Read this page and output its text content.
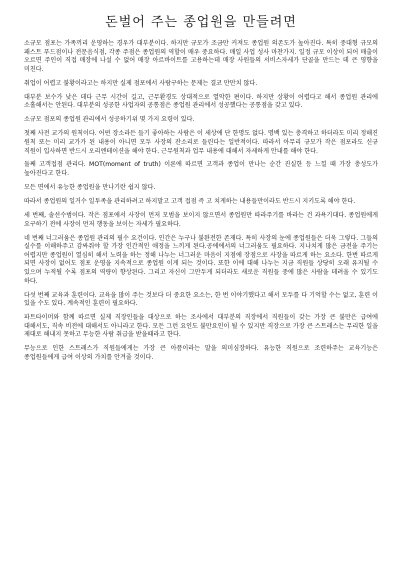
돈벌어 주는 종업원을 만들려면

소규모 점포는 가족끼리 운영하는 경우가 대부분이다. 하지만 규모가 조금만 커져도 종업원 의존도가 높아진다. 특히 중대형 규모의 패스트 푸드점이나 전문음식점, 각종 주점은 종업원의 역할이 매우 중요하다. 매일 사업 성사 마찬가지. 일정 규모 이상이 되어 매출이 오르면 주인이 직접 매장에 나설 수 없어 매장 아르바이트를 고용하는데 매장 사원들의 서비스자세가 단골을 만드는 데 큰 영향을 미친다.

취업이 어렵고 불황이라고는 하지만 실제 점포에서 사람구하는 문제는 결코 만만치 않다.

대부분 보수가 낮은 데다 근무 시간이 길고, 근무환경도 상대적으로 열악한 편이다. 하지만 상황이 어렵다고 해서 종업원 관리에 소홀해서는 안된다. 대부분의 성공한 사업자의 공통점은 종업원 관리에서 성공했다는 공통점을 갖고 있다.

소규모 점포의 종업원 관리에서 성공하기위 몇 가지 요령이 있다.

첫째 사전 교가의 원칙이다. 어떤 장소라든 들기 좋아하는 사람은 이 세상에 단 한명도 없다. 명백 있는 충격하고 하더라도 미리 정해진 원칙 또는 미리 교가가 된 내용이 아니면 모두 사장의 잔소리로 들린다는 일반적이다. 따라서 아무리 규모가 작은 점포라도 신규 직원이 입사하면 반드시 오리엔테이션을 해야 한다. 근무원칙과 업무 내용에 대해서 자세하게 안내를 해야 한다.

둘째 고객접점 관리다. MOT(moment of truth) 이론에 따르면 고객과 종업이 만나는 순간 진실한 등 느낄 때 가장 충성도가 높아진다고 한다.

모든 면에서 유능한 종업원을 만나기란 쉽지 않다.

따라서 종업원의 일거수 일투족을 관리하려고 하지말고 고객 접점 즉 고 치게하는 내용들만이라도 반드시 지키도록 해야 한다.

세 번째, 솔선수범이다. 작은 점포에서 사장이 먼저 모범을 보이지 않으면서 종업원만 따라주기를 바라는 건 과욕기대다. 종업원에게 요구하기 전에 사장이 먼저 행동을 보이는 자세가 필요하다.

네 번째 너그러움은 종업원 관리의 필수 요건이다. 인간은 누구나 불완전한 존재다. 특히 사장의 눈에 종업원들은 더욱 그렇다. 그들의 실수를 이해하주고 감싸줘야 할 가장 인간적인 애정을 느끼게 된다.공에에서의 너그러움도 필요하다. 지나치게 많은 금전을 주기는 어렵지만 종업원이 열심히 해서 노력을 하는 정해 나누는 너그러운 마음이 지점에 장점으로 사장을 따르게 하는 요소다. 한번 따르게 되면 사장이 없어도 점포 운영을 지속적으로 종업원 이게 되는 것이다. 또한 이에 대해 나누는 지금 직원들 상당히 오래 유지될 수 있으며 누적될 수록 점포의 역량이 향상된다. 그리고 자신이 그만두게 되더라도 새로운 직원들 중에 많은 사람을 데려올 수 있기도 하다.

다섯 번째 교육과 훈련이다. 교육을 많이 주는 것보다 더 중요한 요소는, 한 번 이야기했다고 해서 모두를 다 기억할 수는 없고, 훈련 이 있을 수도 있다. 계속적인 훈련이 필요하다.

파트타이머와 함께 따르면 실제 직장인들을 대상으로 하는 조사에서 대부분의 직장에서 직원들이 갖는 가장 큰 불만은 급여에 대해서도, 직속 비전에 대해서도 아니라고 한다. 모든 그런 요인도 불만요인이 될 수 있지만 직장으로 가장 큰 스트레스는 무리한 일을 제대로 해내지 못하고 무능한 사람 취급을 받을때라고 한다.

무능으로 인한 스트레스가 직원들에게는 가장 큰 아픔이라는 말을 의미심장하다. 유능한 직원으로 조련하주는 교육기능은 종업원들에게 급여 이상의 가치를 안겨줄 것이다.
